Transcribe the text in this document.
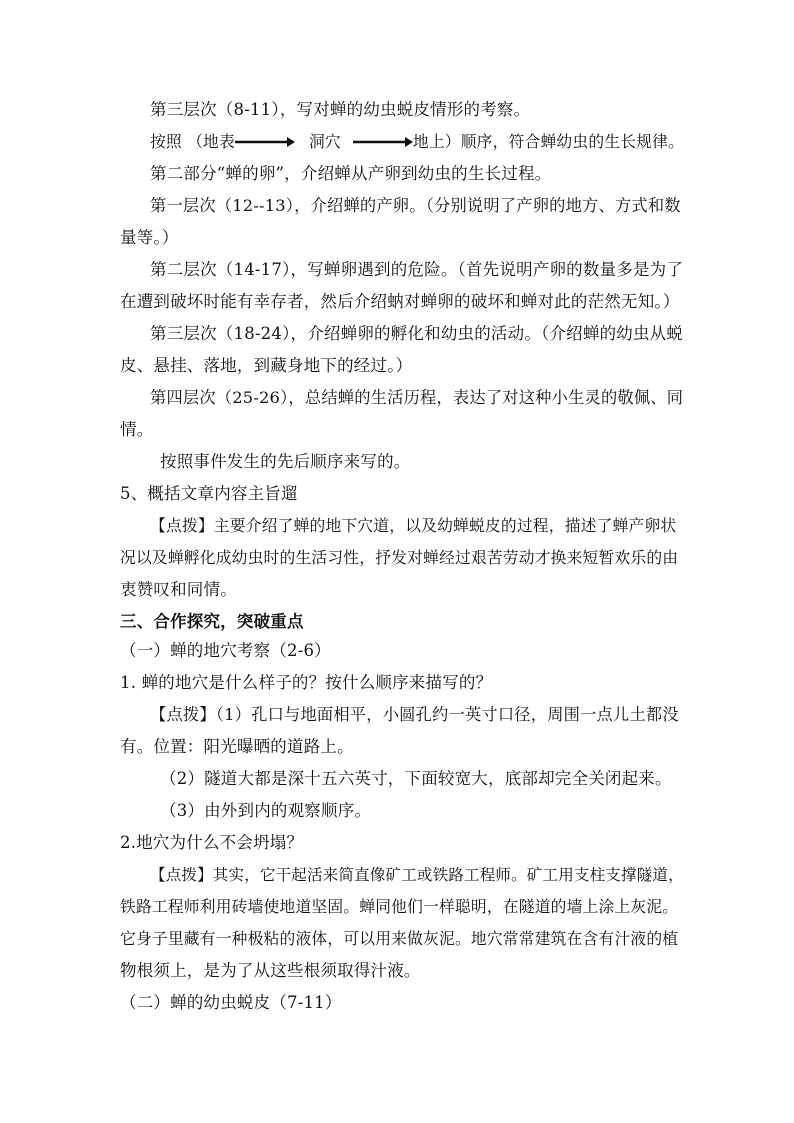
第三层次（8-11），写对蝉的幼虫蜕皮情形的考察。
按照 （地表	洞穴	地上）顺序，符合蝉幼虫的生长规律。
第二部分“蝉的卵”，介绍蝉从产卵到幼虫的生长过程。
第一层次（12--13），介绍蝉的产卵。（分别说明了产卵的地方、方式和数
量等。）
第二层次（14-17），写蝉卵遇到的危险。（首先说明产卵的数量多是为了
在遭到破坏时能有幸存者，然后介绍蚋对蝉卵的破坏和蝉对此的茫然无知。）
第三层次（18-24），介绍蝉卵的孵化和幼虫的活动。（介绍蝉的幼虫从蜕
皮、悬挂、落地，到藏身地下的经过。）
第四层次（25-26），总结蝉的生活历程，表达了对这种小生灵的敬佩、同
情。
按照事件发生的先后顺序来写的。
5、概括文章内容主旨遛
【点拨】主要介绍了蝉的地下穴道，以及幼蝉蜕皮的过程，描述了蝉产卵状
况以及蝉孵化成幼虫时的生活习性，抒发对蝉经过艰苦劳动才换来短暂欢乐的由
衷赞叹和同情。
三、合作探究，突破重点
（一）蝉的地穴考察（2-6）
1. 蝉的地穴是什么样子的？按什么顺序来描写的？
【点拨】（1）孔口与地面相平，小圆孔约一英寸口径，周围一点儿土都没
有。位置：阳光曝晒的道路上。
（2）隧道大都是深十五六英寸，下面较宽大，底部却完全关闭起来。
（3）由外到内的观察顺序。
2.地穴为什么不会坍塌？
【点拨】其实，它干起活来简直像矿工或铁路工程师。矿工用支柱支撑隧道，
铁路工程师利用砖墙使地道坚固。蝉同他们一样聪明，在隧道的墙上涂上灰泥。
它身子里藏有一种极粘的液体，可以用来做灰泥。地穴常常建筑在含有汁液的植
物根须上，是为了从这些根须取得汁液。
（二）蝉的幼虫蜕皮（7-11）
